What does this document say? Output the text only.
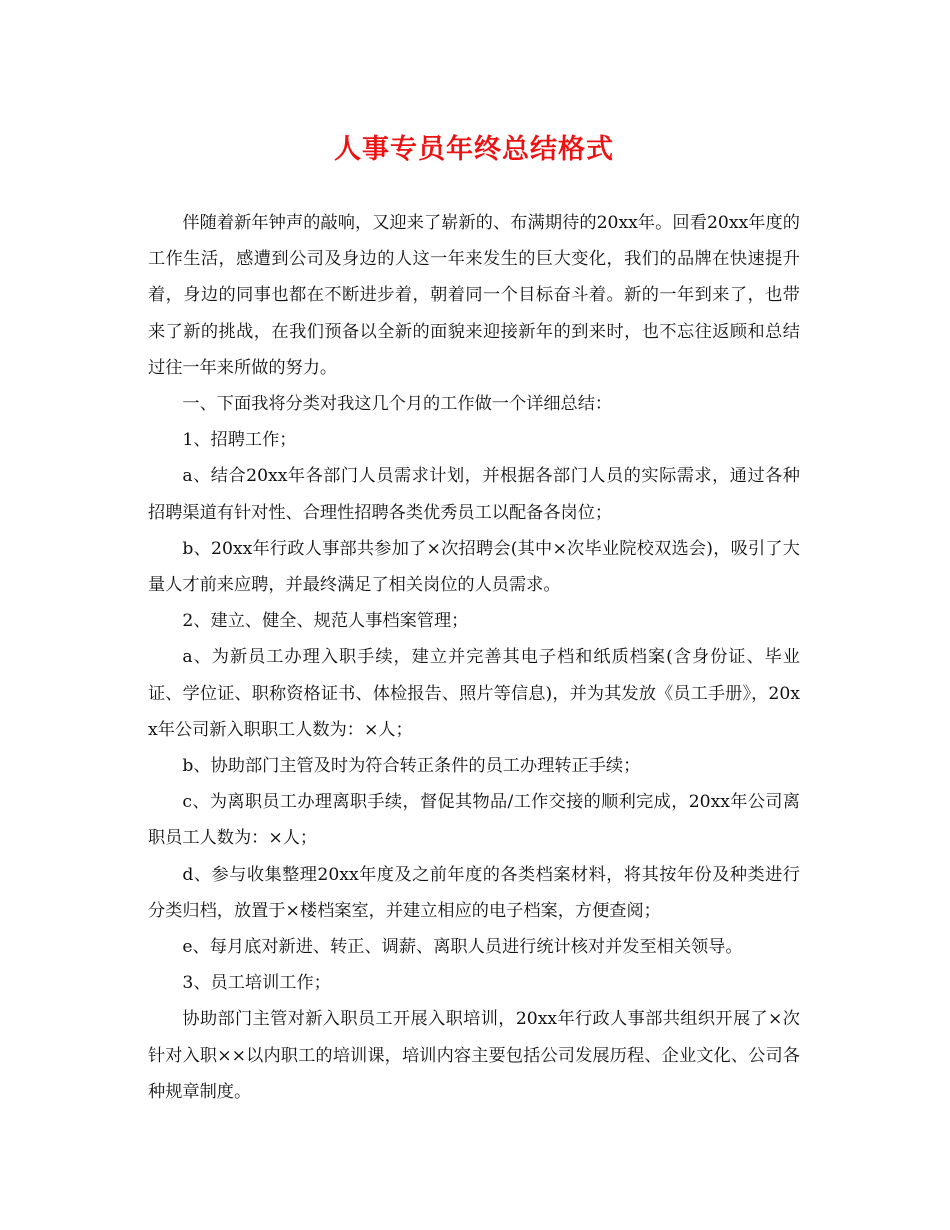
人事专员年终总结格式

伴随着新年钟声的敲响，又迎来了崭新的、布满期待的20xx年。回看20xx年度的工作生活，感遭到公司及身边的人这一年来发生的巨大变化，我们的品牌在快速提升着，身边的同事也都在不断进步着，朝着同一个目标奋斗着。新的一年到来了，也带来了新的挑战，在我们预备以全新的面貌来迎接新年的到来时，也不忘往返顾和总结过往一年来所做的努力。

一、下面我将分类对我这几个月的工作做一个详细总结：

1、招聘工作；

a、结合20xx年各部门人员需求计划，并根据各部门人员的实际需求，通过各种招聘渠道有针对性、合理性招聘各类优秀员工以配备各岗位；

b、20xx年行政人事部共参加了×次招聘会(其中×次毕业院校双选会)，吸引了大量人才前来应聘，并最终满足了相关岗位的人员需求。

2、建立、健全、规范人事档案管理；

a、为新员工办理入职手续，建立并完善其电子档和纸质档案(含身份证、毕业证、学位证、职称资格证书、体检报告、照片等信息)，并为其发放《员工手册》，20xx年公司新入职职工人数为：×人；

b、协助部门主管及时为符合转正条件的员工办理转正手续；

c、为离职员工办理离职手续，督促其物品/工作交接的顺利完成，20xx年公司离职员工人数为：×人；

d、参与收集整理20xx年度及之前年度的各类档案材料，将其按年份及种类进行分类归档，放置于×楼档案室，并建立相应的电子档案，方便查阅；

e、每月底对新进、转正、调薪、离职人员进行统计核对并发至相关领导。

3、员工培训工作；

协助部门主管对新入职员工开展入职培训，20xx年行政人事部共组织开展了×次针对入职××以内职工的培训课，培训内容主要包括公司发展历程、企业文化、公司各种规章制度。
